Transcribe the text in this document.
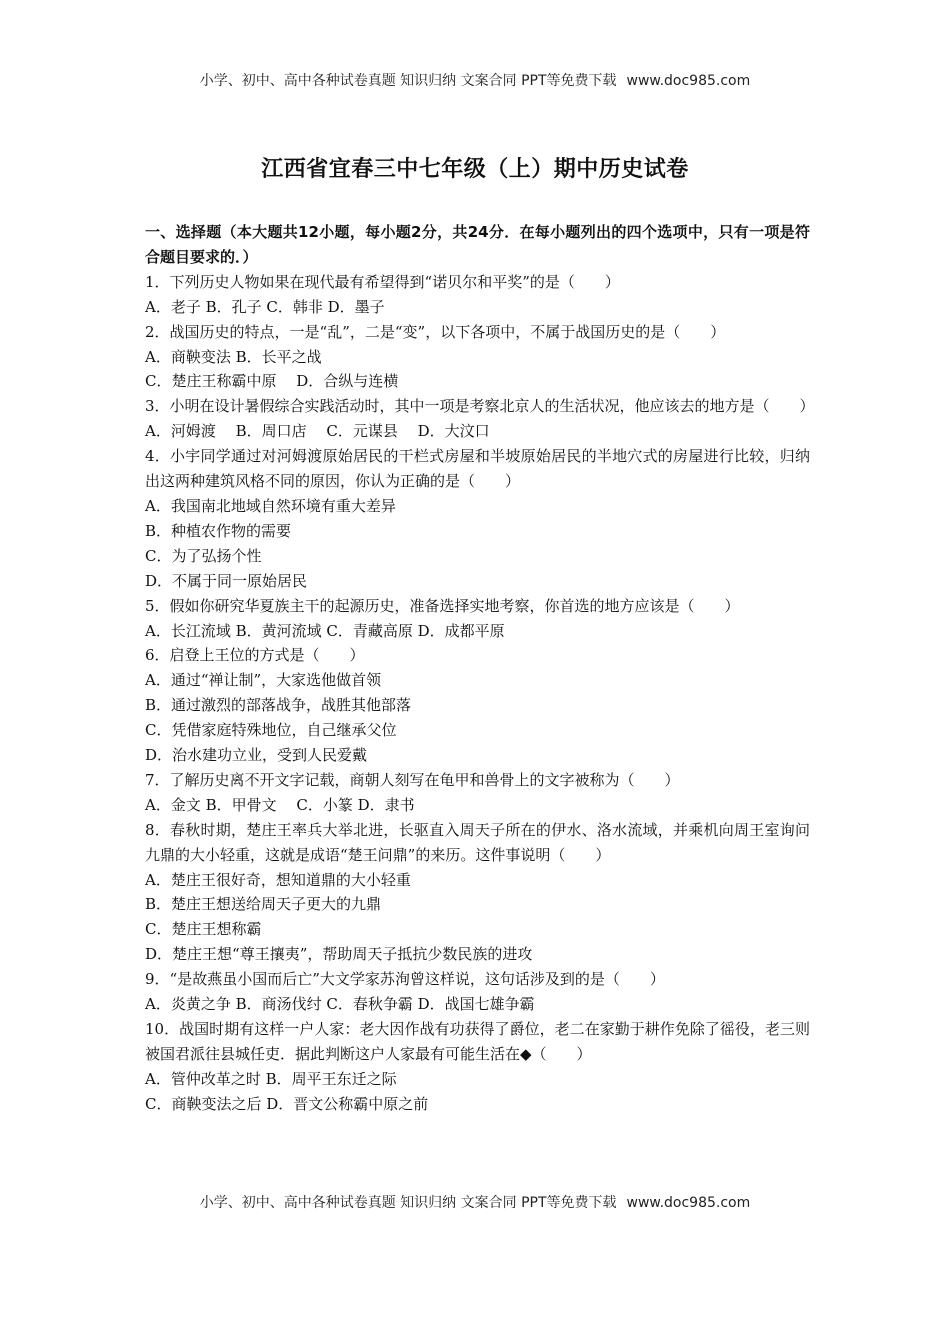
小学、初中、高中各种试卷真题 知识归纳 文案合同 PPT等免费下载 www.doc985.com
江西省宜春三中七年级（上）期中历史试卷
一、选择题（本大题共12小题，每小题2分，共24分．在每小题列出的四个选项中，只有一项是符合题目要求的．）
1．下列历史人物如果在现代最有希望得到“诺贝尔和平奖”的是（　　）
A．老子 B．孔子 C．韩非 D．墨子
2．战国历史的特点，一是“乱”，二是“变”，以下各项中，不属于战国历史的是（　　）
A．商鞅变法 B．长平之战
C．楚庄王称霸中原　 D．合纵与连横
3．小明在设计暑假综合实践活动时，其中一项是考察北京人的生活状况，他应该去的地方是（　　）
A．河姆渡　 B．周口店　 C．元谋县　 D．大汶口
4．小宇同学通过对河姆渡原始居民的干栏式房屋和半坡原始居民的半地穴式的房屋进行比较，归纳出这两种建筑风格不同的原因，你认为正确的是（　　）
A．我国南北地域自然环境有重大差异
B．种植农作物的需要
C．为了弘扬个性
D．不属于同一原始居民
5．假如你研究华夏族主干的起源历史，准备选择实地考察，你首选的地方应该是（　　）
A．长江流域 B．黄河流域 C．青藏高原 D．成都平原
6．启登上王位的方式是（　　）
A．通过“禅让制”，大家选他做首领
B．通过激烈的部落战争，战胜其他部落
C．凭借家庭特殊地位，自己继承父位
D．治水建功立业，受到人民爱戴
7．了解历史离不开文字记载，商朝人刻写在龟甲和兽骨上的文字被称为（　　）
A．金文 B．甲骨文　 C．小篆 D．隶书
8．春秋时期，楚庄王率兵大举北进，长驱直入周天子所在的伊水、洛水流域，并乘机向周王室询问九鼎的大小轻重，这就是成语“楚王问鼎”的来历。这件事说明（　　）
A．楚庄王很好奇，想知道鼎的大小轻重
B．楚庄王想送给周天子更大的九鼎
C．楚庄王想称霸
D．楚庄王想“尊王攘夷”，帮助周天子抵抗少数民族的进攻
9．“是故燕虽小国而后亡”大文学家苏洵曾这样说，这句话涉及到的是（　　）
A．炎黄之争 B．商汤伐纣 C．春秋争霸 D．战国七雄争霸
10．战国时期有这样一户人家：老大因作战有功获得了爵位，老二在家勤于耕作免除了徭役，老三则被国君派往县城任吏．据此判断这户人家最有可能生活在◆（　　）
A．管仲改革之时 B．周平王东迁之际
C．商鞅变法之后 D．晋文公称霸中原之前
小学、初中、高中各种试卷真题 知识归纳 文案合同 PPT等免费下载 www.doc985.com
